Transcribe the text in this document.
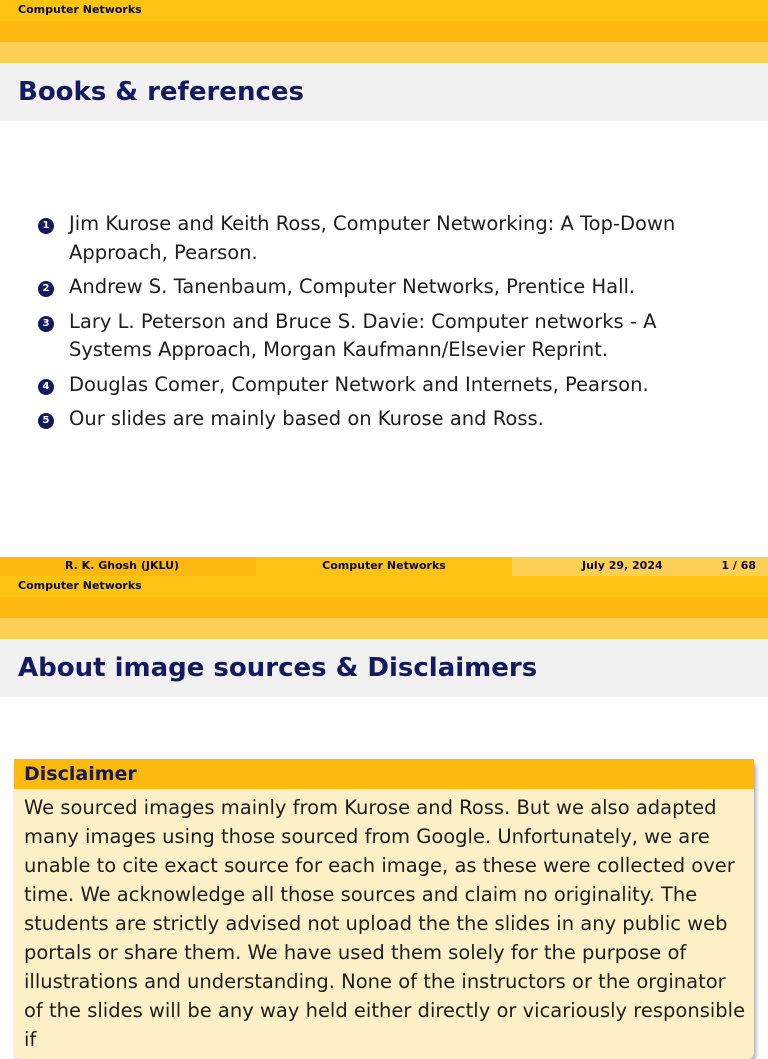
Computer Networks
Books & references
1 Jim Kurose and Keith Ross, Computer Networking: A Top-Down Approach, Pearson.
2 Andrew S. Tanenbaum, Computer Networks, Prentice Hall.
3 Lary L. Peterson and Bruce S. Davie: Computer networks - A Systems Approach, Morgan Kaufmann/Elsevier Reprint.
4 Douglas Comer, Computer Network and Internets, Pearson.
5 Our slides are mainly based on Kurose and Ross.
R. K. Ghosh (JKLU)	Computer Networks	July 29, 2024	1 / 68
Computer Networks
About image sources & Disclaimers
Disclaimer

We sourced images mainly from Kurose and Ross. But we also adapted many images using those sourced from Google. Unfortunately, we are unable to cite exact source for each image, as these were collected over time. We acknowledge all those sources and claim no originality. The students are strictly advised not upload the the slides in any public web portals or share them. We have used them solely for the purpose of illustrations and understanding. None of the instructors or the orginator of the slides will be any way held either directly or vicariously responsible if
